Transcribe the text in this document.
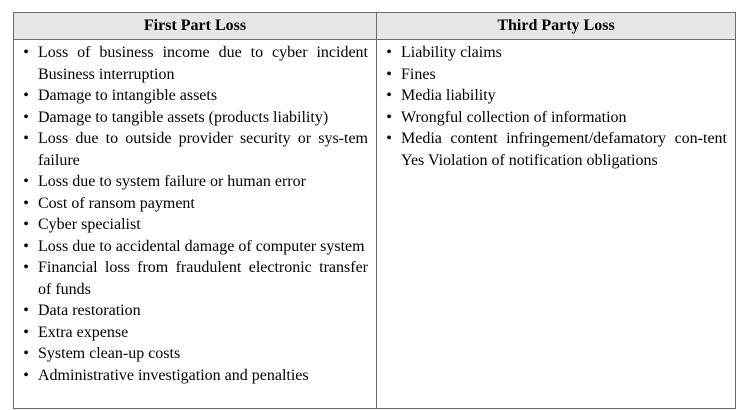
First Part Loss	Third Party Loss
• Loss of business income due to cyber incident Business interruption
• Damage to intangible assets
• Damage to tangible assets (products liability)
• Loss due to outside provider security or sys-tem failure
• Loss due to system failure or human error
• Cost of ransom payment
• Cyber specialist
• Loss due to accidental damage of computer system
• Financial loss from fraudulent electronic transfer of funds
• Data restoration
• Extra expense
• System clean-up costs
• Administrative investigation and penalties
• Liability claims
• Fines
• Media liability
• Wrongful collection of information
• Media content infringement/defamatory con-tent Yes Violation of notification obligations
